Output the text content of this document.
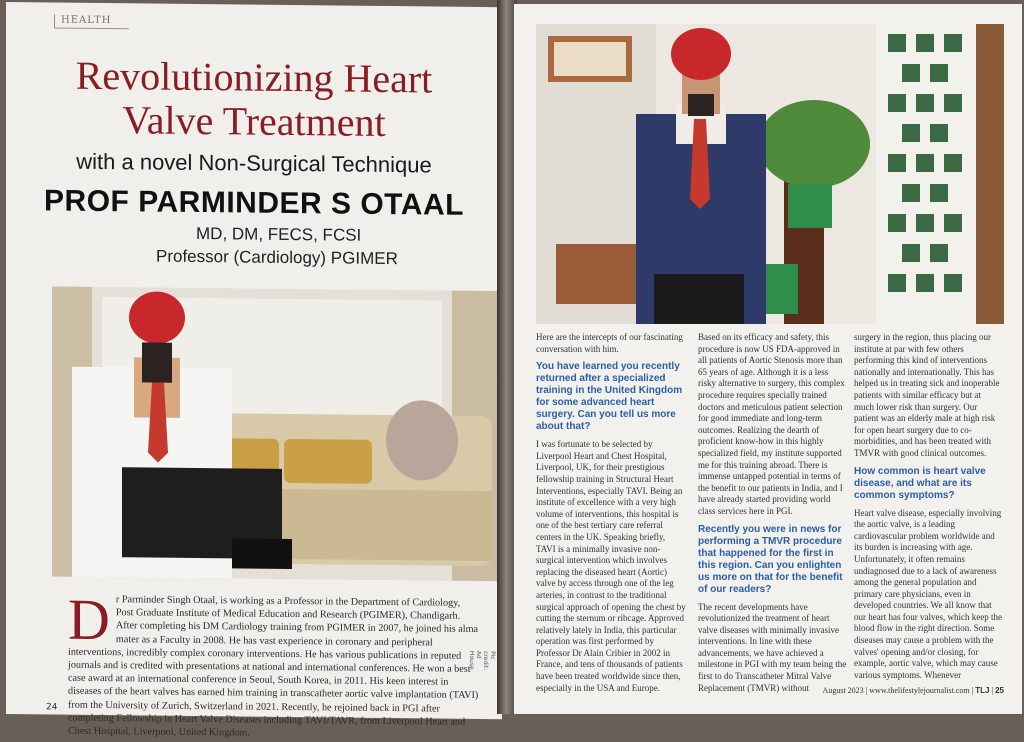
HEALTH
Revolutionizing Heart
Valve Treatment
with a novel Non-Surgical Technique
PROF PARMINDER S OTAAL
MD, DM, FECS, FCSI
Professor (Cardiology) PGIMER
Pic credit: Ad House
D r Parminder Singh Otaal, is working as a Professor in the Department of Cardiology, Post Graduate Institute of Medical Education and Research (PGIMER), Chandigarh. After completing his DM Cardiology training from PGIMER in 2007, he joined his alma mater as a Faculty in 2008. He has vast experience in coronary and peripheral interventions, incredibly complex coronary interventions. He has various publications in reputed journals and is credited with presentations at national and international conferences. He won a best case award at an international conference in Seoul, South Korea, in 2011. His keen interest in diseases of the heart valves has earned him training in transcatheter aortic valve implantation (TAVI) from the University of Zurich, Switzerland in 2021. Recently, he rejoined back in PGI after completing Fellowship in Heart Valve Diseases including TAVI/TAVR, from Liverpool Heart and Chest Hospital, Liverpool, United Kingdom.
24

Here are the intercepts of our fascinating conversation with him.

You have learned you recently returned after a specialized training in the United Kingdom for some advanced heart surgery. Can you tell us more about that?

I was fortunate to be selected by Liverpool Heart and Chest Hospital, Liverpool, UK, for their prestigious fellowship training in Structural Heart Interventions, especially TAVI. Being an institute of excellence with a very high volume of interventions, this hospital is one of the best tertiary care referral centers in the UK. Speaking briefly, TAVI is a minimally invasive non-surgical intervention which involves replacing the diseased heart (Aortic) valve by access through one of the leg arteries, in contrast to the traditional surgical approach of opening the chest by cutting the sternum or ribcage. Approved relatively lately in India, this particular operation was first performed by Professor Dr Alain Cribier in 2002 in France, and tens of thousands of patients have been treated worldwide since then, especially in the USA and Europe.

Based on its efficacy and safety, this procedure is now US FDA-approved in all patients of Aortic Stenosis more than 65 years of age. Although it is a less risky alternative to surgery, this complex procedure requires specially trained doctors and meticulous patient selection for good immediate and long-term outcomes. Realizing the dearth of proficient know-how in this highly specialized field, my institute supported me for this training abroad. There is immense untapped potential in terms of the benefit to our patients in India, and I have already started providing world class services here in PGI.

Recently you were in news for performing a TMVR procedure that happened for the first in this region. Can you enlighten us more on that for the benefit of our readers?

The recent developments have revolutionized the treatment of heart valve diseases with minimally invasive interventions. In line with these advancements, we have achieved a milestone in PGI with my team being the first to do Transcatheter Mitral Valve Replacement (TMVR) without

surgery in the region, thus placing our institute at par with few others performing this kind of interventions nationally and internationally. This has helped us in treating sick and inoperable patients with similar efficacy but at much lower risk than surgery. Our patient was an elderly male at high risk for open heart surgery due to co-morbidities, and has been treated with TMVR with good clinical outcomes.

How common is heart valve disease, and what are its common symptoms?

Heart valve disease, especially involving the aortic valve, is a leading cardiovascular problem worldwide and its burden is increasing with age. Unfortunately, it often remains undiagnosed due to a lack of awareness among the general population and primary care physicians, even in developed countries. We all know that our heart has four valves, which keep the blood flow in the right direction. Some diseases may cause a problem with the valves' opening and/or closing, for example, aortic valve, which may cause various symptoms. Whenever

August 2023 | www.thelifestylejournalist.com | TLJ | 25
